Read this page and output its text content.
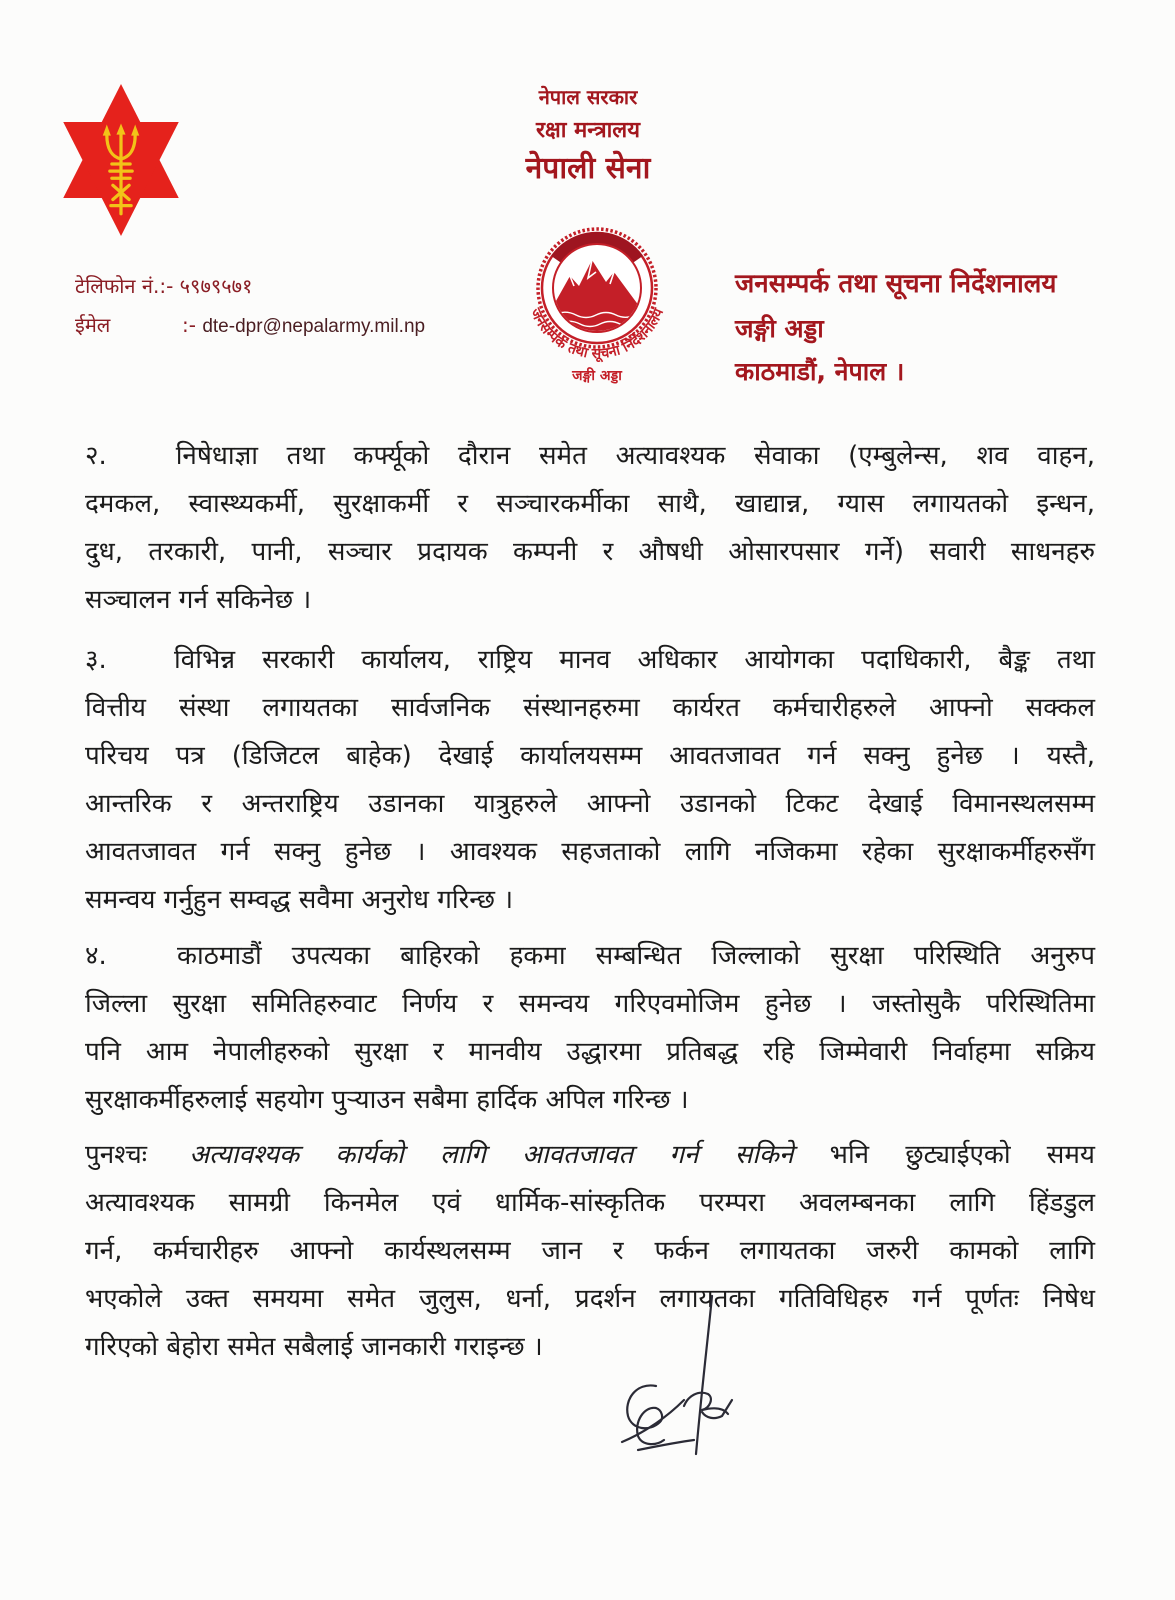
नेपाल सरकार
रक्षा मन्त्रालय
नेपाली सेना
टेलिफोन नं.:- ५९७९५७१
ईमेल	:- dte-dpr@nepalarmy.mil.np
जनसम्पर्क तथा सूचना निर्देशनालय
जङ्गी अड्डा
जनसम्पर्क तथा सूचना निर्देशनालय
जङ्गी अड्डा
काठमाडौं, नेपाल ।
२.	निषेधाज्ञा तथा कर्फ्यूको दौरान समेत अत्यावश्यक सेवाका (एम्बुलेन्स, शव वाहन,
दमकल, स्वास्थ्यकर्मी, सुरक्षाकर्मी र सञ्चारकर्मीका साथै, खाद्यान्न, ग्यास लगायतको इन्धन,
दुध, तरकारी, पानी, सञ्चार प्रदायक कम्पनी र औषधी ओसारपसार गर्ने) सवारी साधनहरु
सञ्चालन गर्न सकिनेछ ।
३.	विभिन्न सरकारी कार्यालय, राष्ट्रिय मानव अधिकार आयोगका पदाधिकारी, बैङ्क तथा
वित्तीय संस्था लगायतका सार्वजनिक संस्थानहरुमा कार्यरत कर्मचारीहरुले आफ्नो सक्कल
परिचय पत्र (डिजिटल बाहेक) देखाई कार्यालयसम्म आवतजावत गर्न सक्नु हुनेछ । यस्तै,
आन्तरिक र अन्तराष्ट्रिय उडानका यात्रुहरुले आफ्नो उडानको टिकट देखाई विमानस्थलसम्म
आवतजावत गर्न सक्नु हुनेछ । आवश्यक सहजताको लागि नजिकमा रहेका सुरक्षाकर्मीहरुसँग
समन्वय गर्नुहुन सम्वद्ध सवैमा अनुरोध गरिन्छ ।
४.	काठमाडौं उपत्यका बाहिरको हकमा सम्बन्धित जिल्लाको सुरक्षा परिस्थिति अनुरुप
जिल्ला सुरक्षा समितिहरुवाट निर्णय र समन्वय गरिएवमोजिम हुनेछ । जस्तोसुकै परिस्थितिमा
पनि आम नेपालीहरुको सुरक्षा र मानवीय उद्धारमा प्रतिबद्ध रहि जिम्मेवारी निर्वाहमा सक्रिय
सुरक्षाकर्मीहरुलाई सहयोग पुऱ्याउन सबैमा हार्दिक अपिल गरिन्छ ।
पुनश्चः अत्यावश्यक कार्यको लागि आवतजावत गर्न सकिने भनि छुट्याईएको समय
अत्यावश्यक सामग्री किनमेल एवं धार्मिक-सांस्कृतिक परम्परा अवलम्बनका लागि हिंडडुल
गर्न, कर्मचारीहरु आफ्नो कार्यस्थलसम्म जान र फर्कन लगायतका जरुरी कामको लागि
भएकोले उक्त समयमा समेत जुलुस, धर्ना, प्रदर्शन लगायतका गतिविधिहरु गर्न पूर्णतः निषेध
गरिएको बेहोरा समेत सबैलाई जानकारी गराइन्छ ।
